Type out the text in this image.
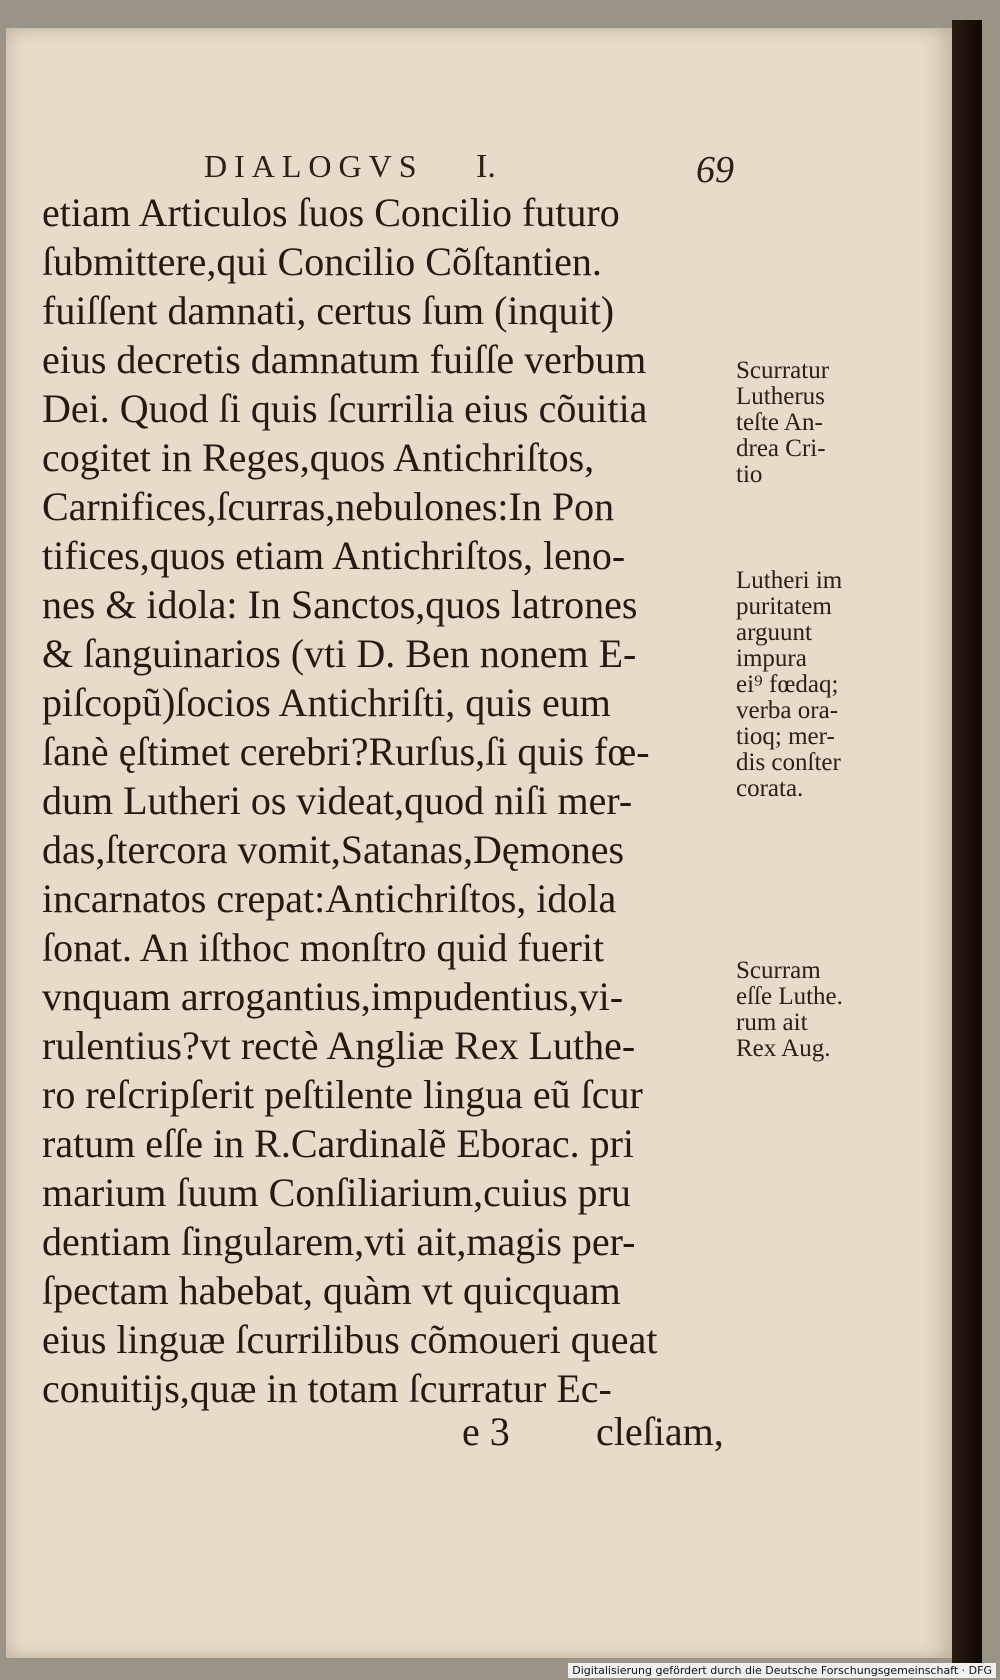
DIALOGVS I.	69
etiam Articulos ſuos Concilio futuro
ſubmittere,qui Concilio Cõſtantien.
fuiſſent damnati, certus ſum (inquit)
eius decretis damnatum fuiſſe verbum
Dei. Quod ſi quis ſcurrilia eius cõuitia
cogitet in Reges,quos Antichriſtos,
Carnifices,ſcurras,nebulones:In Pon
tifices,quos etiam Antichriſtos, leno-
nes & idola: In Sanctos,quos latrones
& ſanguinarios (vti D. Ben nonem E-
piſcopũ)ſocios Antichriſti, quis eum
ſanè ęſtimet cerebri?Rurſus,ſi quis fœ-
dum Lutheri os videat,quod niſi mer-
das,ſtercora vomit,Satanas,Dęmones
incarnatos crepat:Antichriſtos, idola
ſonat. An iſthoc monſtro quid fuerit
vnquam arrogantius,impudentius,vi-
rulentius?vt rectè Angliæ Rex Luthe-
ro reſcripſerit peſtilente lingua eũ ſcur
ratum eſſe in R.Cardinalẽ Eborac. pri
marium ſuum Conſiliarium,cuius pru
dentiam ſingularem,vti ait,magis per-
ſpectam habebat, quàm vt quicquam
eius linguæ ſcurrilibus cõmoueri queat
conuitijs,quæ in totam ſcurratur Ec-
Scurratur
Lutherus
teſte An-
drea Cri-
tio
Lutheri im
puritatem
arguunt
impura
ei⁹ fœdaq;
verba ora-
tioq; mer-
dis conſter
corata.
Scurram
eſſe Luthe.
rum ait
Rex Aug.
e 3 cleſiam,
Digitalisierung gefördert durch die Deutsche Forschungsgemeinschaft · DFG
